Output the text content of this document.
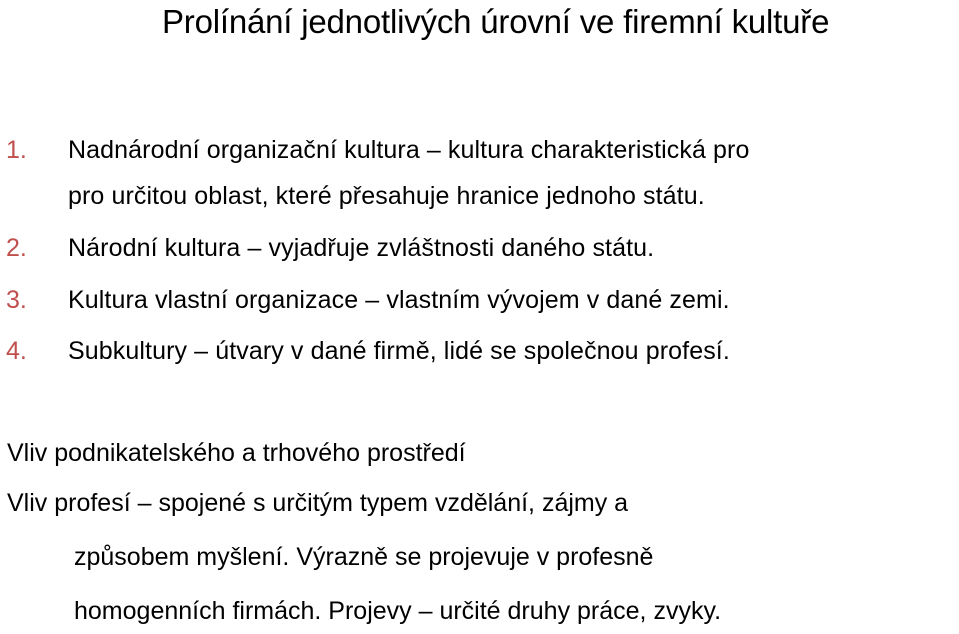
Prolínání jednotlivých úrovní ve firemní kultuře
1.	Nadnárodní organizační kultura – kultura charakteristická pro
pro určitou oblast, které přesahuje hranice jednoho státu.
2.	Národní kultura – vyjadřuje zvláštnosti daného státu.
3.	Kultura vlastní organizace – vlastním vývojem v dané zemi.
4.	Subkultury – útvary v dané firmě, lidé se společnou profesí.
Vliv podnikatelského a trhového prostředí
Vliv profesí – spojené s určitým typem vzdělání, zájmy a
způsobem myšlení. Výrazně se projevuje v profesně
homogenních firmách. Projevy – určité druhy práce, zvyky.
